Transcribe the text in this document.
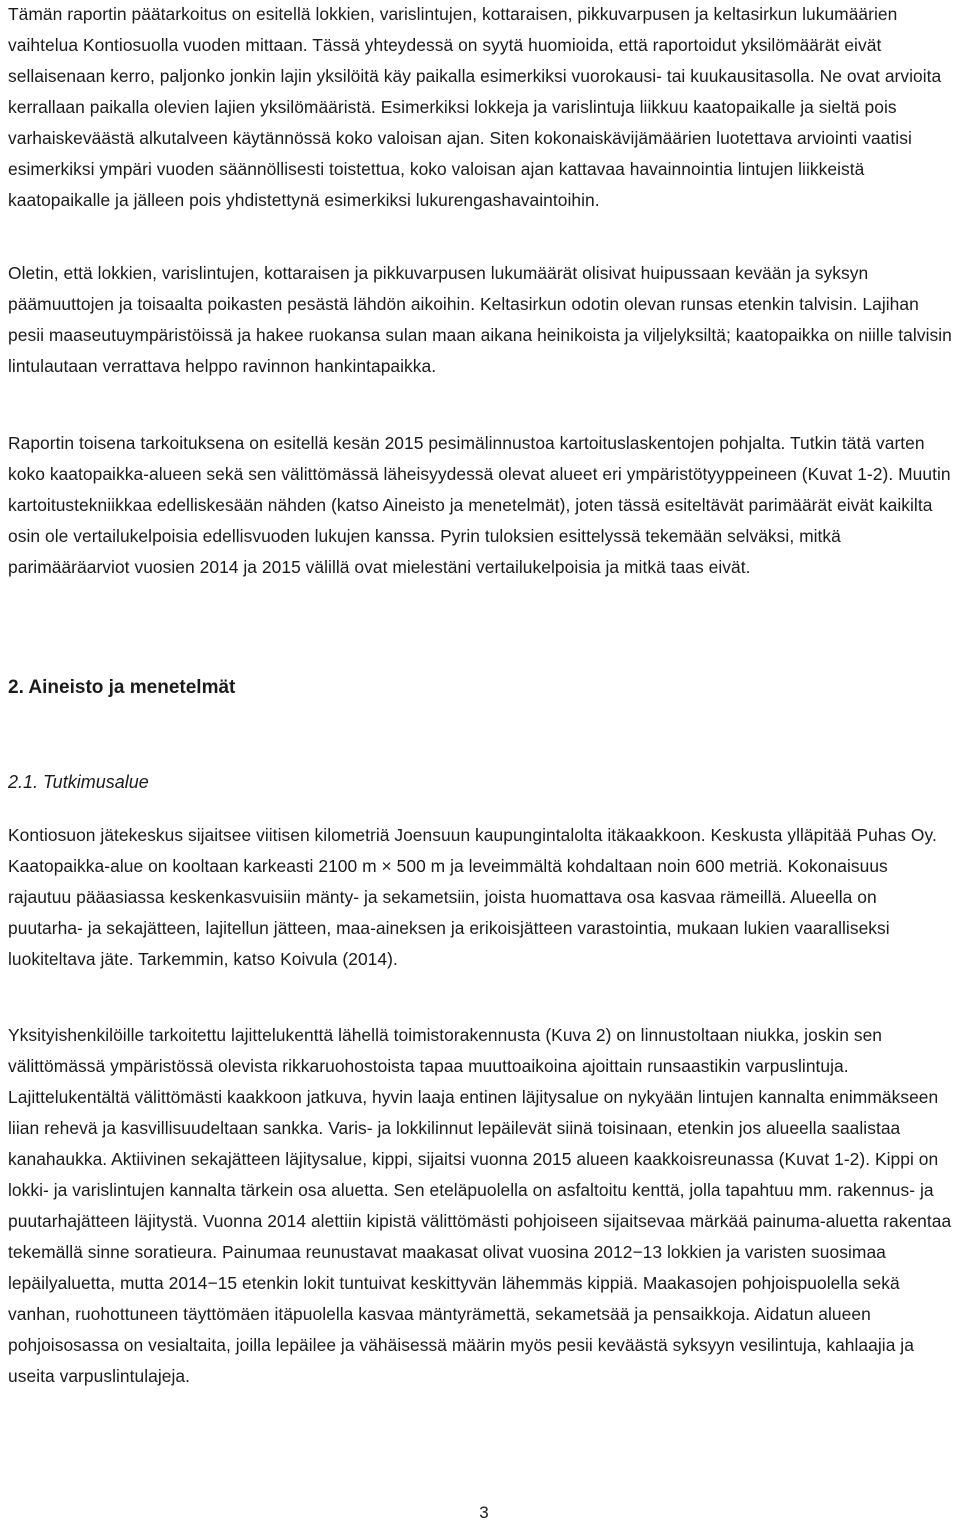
Tämän raportin päätarkoitus on esitellä lokkien, varislintujen, kottaraisen, pikkuvarpusen ja keltasirkun lukumäärien vaihtelua Kontiosuolla vuoden mittaan. Tässä yhteydessä on syytä huomioida, että raportoidut yksilömäärät eivät sellaisenaan kerro, paljonko jonkin lajin yksilöitä käy paikalla esimerkiksi vuorokausi- tai kuukausitasolla. Ne ovat arvioita kerrallaan paikalla olevien lajien yksilömääristä. Esimerkiksi lokkeja ja varislintuja liikkuu kaatopaikalle ja sieltä pois varhaiskeväästä alkutalveen käytännössä koko valoisan ajan. Siten kokonaiskävijämäärien luotettava arviointi vaatisi esimerkiksi ympäri vuoden säännöllisesti toistettua, koko valoisan ajan kattavaa havainnointia lintujen liikkeistä kaatopaikalle ja jälleen pois yhdistettynä esimerkiksi lukurengashavaintoihin.

Oletin, että lokkien, varislintujen, kottaraisen ja pikkuvarpusen lukumäärät olisivat huipussaan kevään ja syksyn päämuuttojen ja toisaalta poikasten pesästä lähdön aikoihin. Keltasirkun odotin olevan runsas etenkin talvisin. Lajihan pesii maaseutuympäristöissä ja hakee ruokansa sulan maan aikana heinikoista ja viljelyksiltä; kaatopaikka on niille talvisin lintulautaan verrattava helppo ravinnon hankintapaikka.

Raportin toisena tarkoituksena on esitellä kesän 2015 pesimälinnustoa kartoituslaskentojen pohjalta. Tutkin tätä varten koko kaatopaikka-alueen sekä sen välittömässä läheisyydessä olevat alueet eri ympäristötyyppeineen (Kuvat 1-2). Muutin kartoitustekniikkaa edelliskesään nähden (katso Aineisto ja menetelmät), joten tässä esiteltävät parimäärät eivät kaikilta osin ole vertailukelpoisia edellisvuoden lukujen kanssa. Pyrin tuloksien esittelyssä tekemään selväksi, mitkä parimääräarviot vuosien 2014 ja 2015 välillä ovat mielestäni vertailukelpoisia ja mitkä taas eivät.

2. Aineisto ja menetelmät
2.1. Tutkimusalue

Kontiosuon jätekeskus sijaitsee viitisen kilometriä Joensuun kaupungintalolta itäkaakkoon. Keskusta ylläpitää Puhas Oy. Kaatopaikka-alue on kooltaan karkeasti 2100 m × 500 m ja leveimmältä kohdaltaan noin 600 metriä. Kokonaisuus rajautuu pääasiassa keskenkasvuisiin mänty- ja sekametsiin, joista huomattava osa kasvaa rämeillä. Alueella on puutarha- ja sekajätteen, lajitellun jätteen, maa-aineksen ja erikoisjätteen varastointia, mukaan lukien vaaralliseksi luokiteltava jäte. Tarkemmin, katso Koivula (2014).

Yksityishenkilöille tarkoitettu lajittelukenttä lähellä toimistorakennusta (Kuva 2) on linnustoltaan niukka, joskin sen välittömässä ympäristössä olevista rikkaruohostoista tapaa muuttoaikoina ajoittain runsaastikin varpuslintuja. Lajittelukentältä välittömästi kaakkoon jatkuva, hyvin laaja entinen läjitysalue on nykyään lintujen kannalta enimmäkseen liian rehevä ja kasvillisuudeltaan sankka. Varis- ja lokkilinnut lepäilevät siinä toisinaan, etenkin jos alueella saalistaa kanahaukka. Aktiivinen sekajätteen läjitysalue, kippi, sijaitsi vuonna 2015 alueen kaakkoisreunassa (Kuvat 1-2). Kippi on lokki- ja varislintujen kannalta tärkein osa aluetta. Sen eteläpuolella on asfaltoitu kenttä, jolla tapahtuu mm. rakennus- ja puutarhajätteen läjitystä. Vuonna 2014 alettiin kipistä välittömästi pohjoiseen sijaitsevaa märkää painuma-aluetta rakentaa tekemällä sinne soratieura. Painumaa reunustavat maakasat olivat vuosina 2012−13 lokkien ja varisten suosimaa lepäilyaluetta, mutta 2014−15 etenkin lokit tuntuivat keskittyvän lähemmäs kippiä. Maakasojen pohjoispuolella sekä vanhan, ruohottuneen täyttömäen itäpuolella kasvaa mäntyrämettä, sekametsää ja pensaikkoja. Aidatun alueen pohjoisosassa on vesialtaita, joilla lepäilee ja vähäisessä määrin myös pesii keväästä syksyyn vesilintuja, kahlaajia ja useita varpuslintulajeja.

3
